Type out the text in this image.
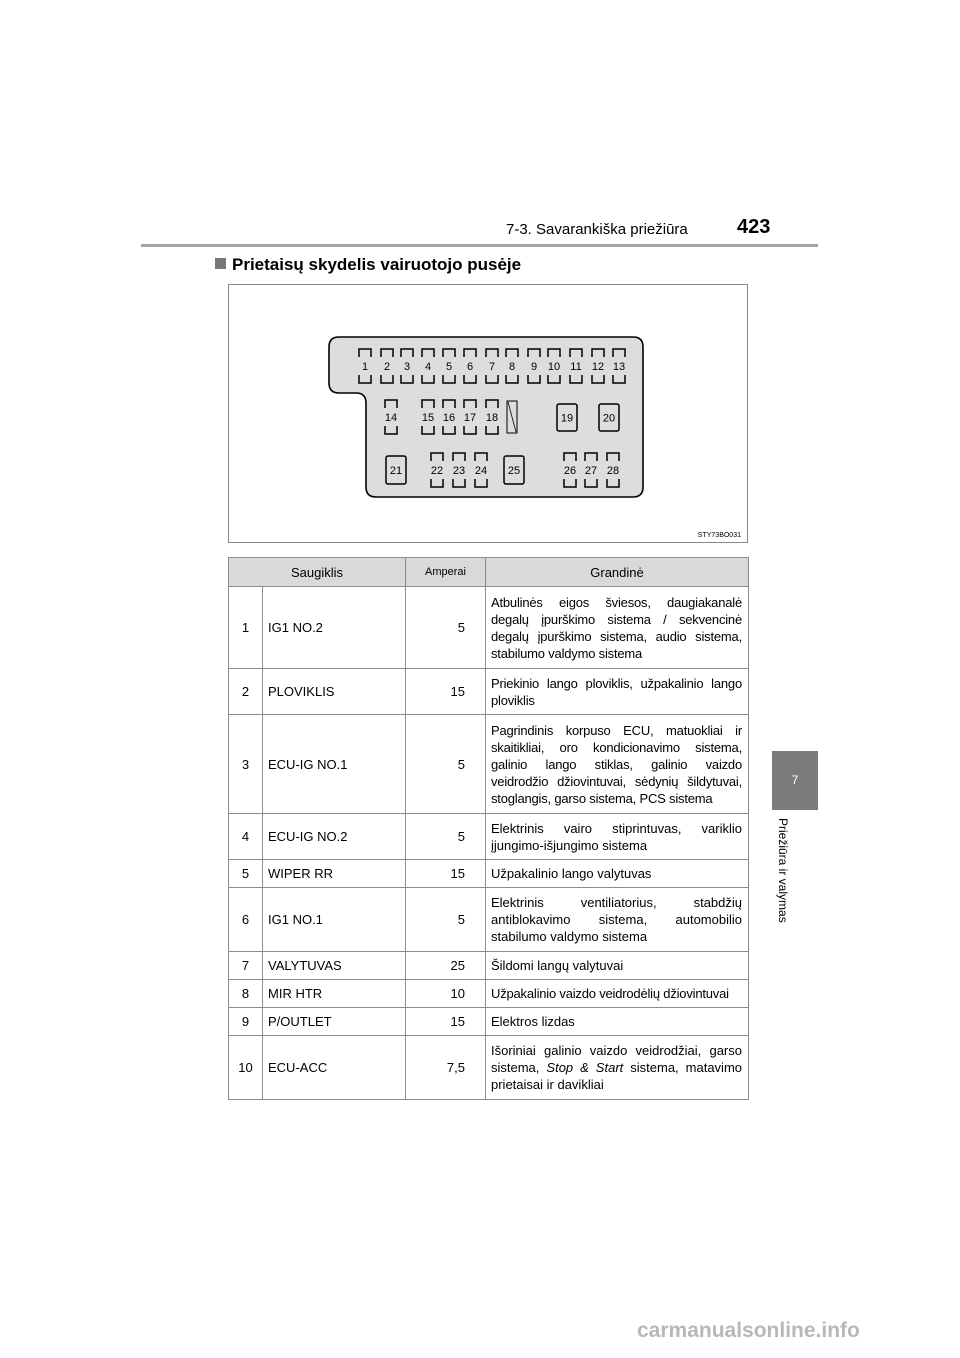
7-3. Savarankiška priežiūra 423
Prietaisų skydelis vairuotojo pusėje
1 2 3 4 5 6 7 8 9 10 11 12 13
14 15 16 17 18	19	20
21	22 23 24 25	26 27 28
STY73BO031
Saugiklis		Amperai	Grandinė
1	IG1 NO.2	5	Atbulinės eigos šviesos, daugiakanalė degalų įpurškimo sistema / sekvencinė degalų įpurškimo sistema, audio sistema, stabilumo valdymo sistema
2	PLOVIKLIS	15	Priekinio lango ploviklis, užpakalinio lango ploviklis
3	ECU-IG NO.1	5	Pagrindinis korpuso ECU, matuokliai ir skaitikliai, oro kondicionavimo sistema, galinio lango stiklas, galinio vaizdo veidrodžio džiovintuvai, sėdynių šildytuvai, stoglangis, garso sistema, PCS sistema
4	ECU-IG NO.2	5	Elektrinis vairo stiprintuvas, variklio įjungimo-išjungimo sistema
5	WIPER RR	15	Užpakalinio lango valytuvas
6	IG1 NO.1	5	Elektrinis ventiliatorius, stabdžių antiblokavimo sistema, automobilio stabilumo valdymo sistema
7	VALYTUVAS	25	Šildomi langų valytuvai
8	MIR HTR	10	Užpakalinio vaizdo veidrodėlių džiovintuvai
9	P/OUTLET	15	Elektros lizdas
10	ECU-ACC	7,5	Išoriniai galinio vaizdo veidrodžiai, garso sistema, Stop & Start sistema, matavimo prietaisai ir davikliai
7
Priežiūra ir valymas
carmanualsonline.info
